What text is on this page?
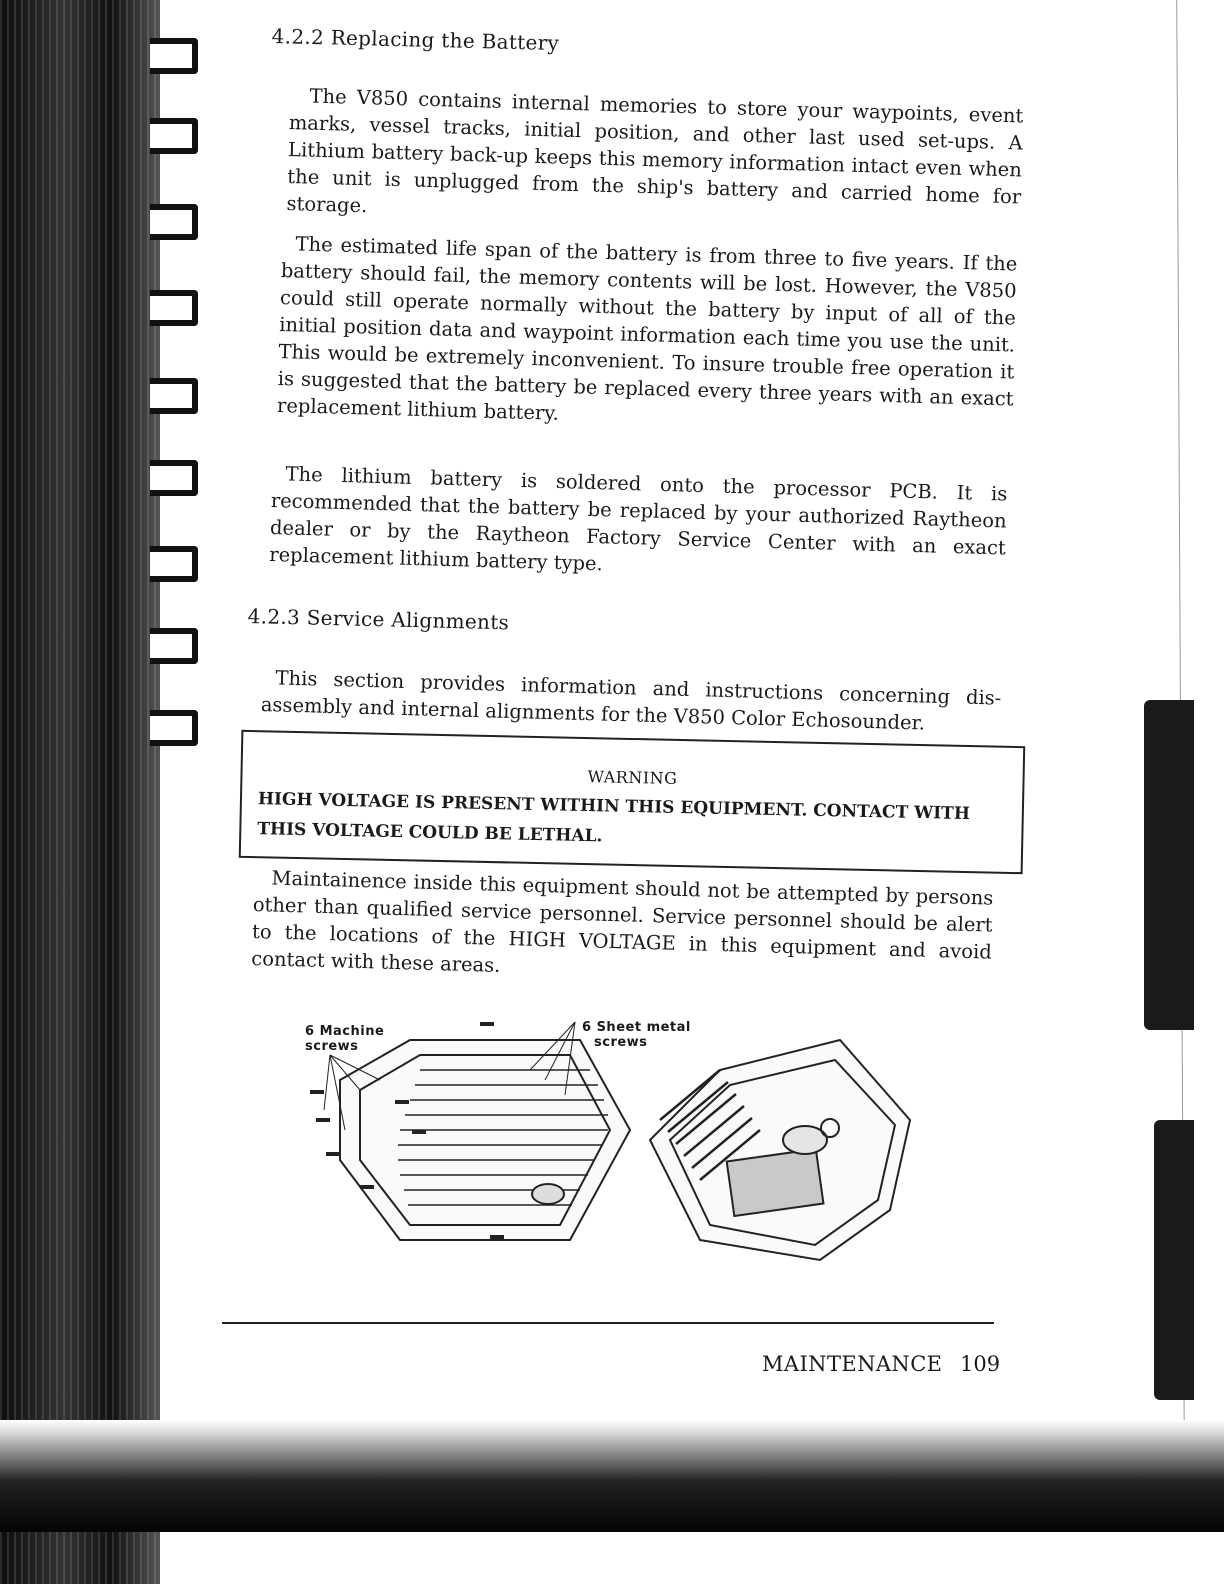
4.2.2 Replacing the Battery
The V850 contains internal memories to store your waypoints, event marks, vessel tracks, initial position, and other last used set-ups. A Lithium battery back-up keeps this memory information intact even when the unit is unplugged from the ship's battery and carried home for storage.
The estimated life span of the battery is from three to five years. If the battery should fail, the memory contents will be lost. However, the V850 could still operate normally without the battery by input of all of the initial position data and waypoint information each time you use the unit. This would be extremely inconvenient. To insure trouble free operation it is suggested that the battery be replaced every three years with an exact replacement lithium battery.
The lithium battery is soldered onto the processor PCB. It is recommended that the battery be replaced by your authorized Raytheon dealer or by the Raytheon Factory Service Center with an exact replacement lithium battery type.
4.2.3 Service Alignments
This section provides information and instructions concerning dis-assembly and internal alignments for the V850 Color Echosounder.
WARNING
HIGH VOLTAGE IS PRESENT WITHIN THIS EQUIPMENT. CONTACT WITH THIS VOLTAGE COULD BE LETHAL.
Maintainence inside this equipment should not be attempted by persons other than qualified service personnel. Service personnel should be alert to the locations of the HIGH VOLTAGE in this equipment and avoid contact with these areas.
6 Machine
screws
6 Sheet metal
screws
MAINTENANCE 109
